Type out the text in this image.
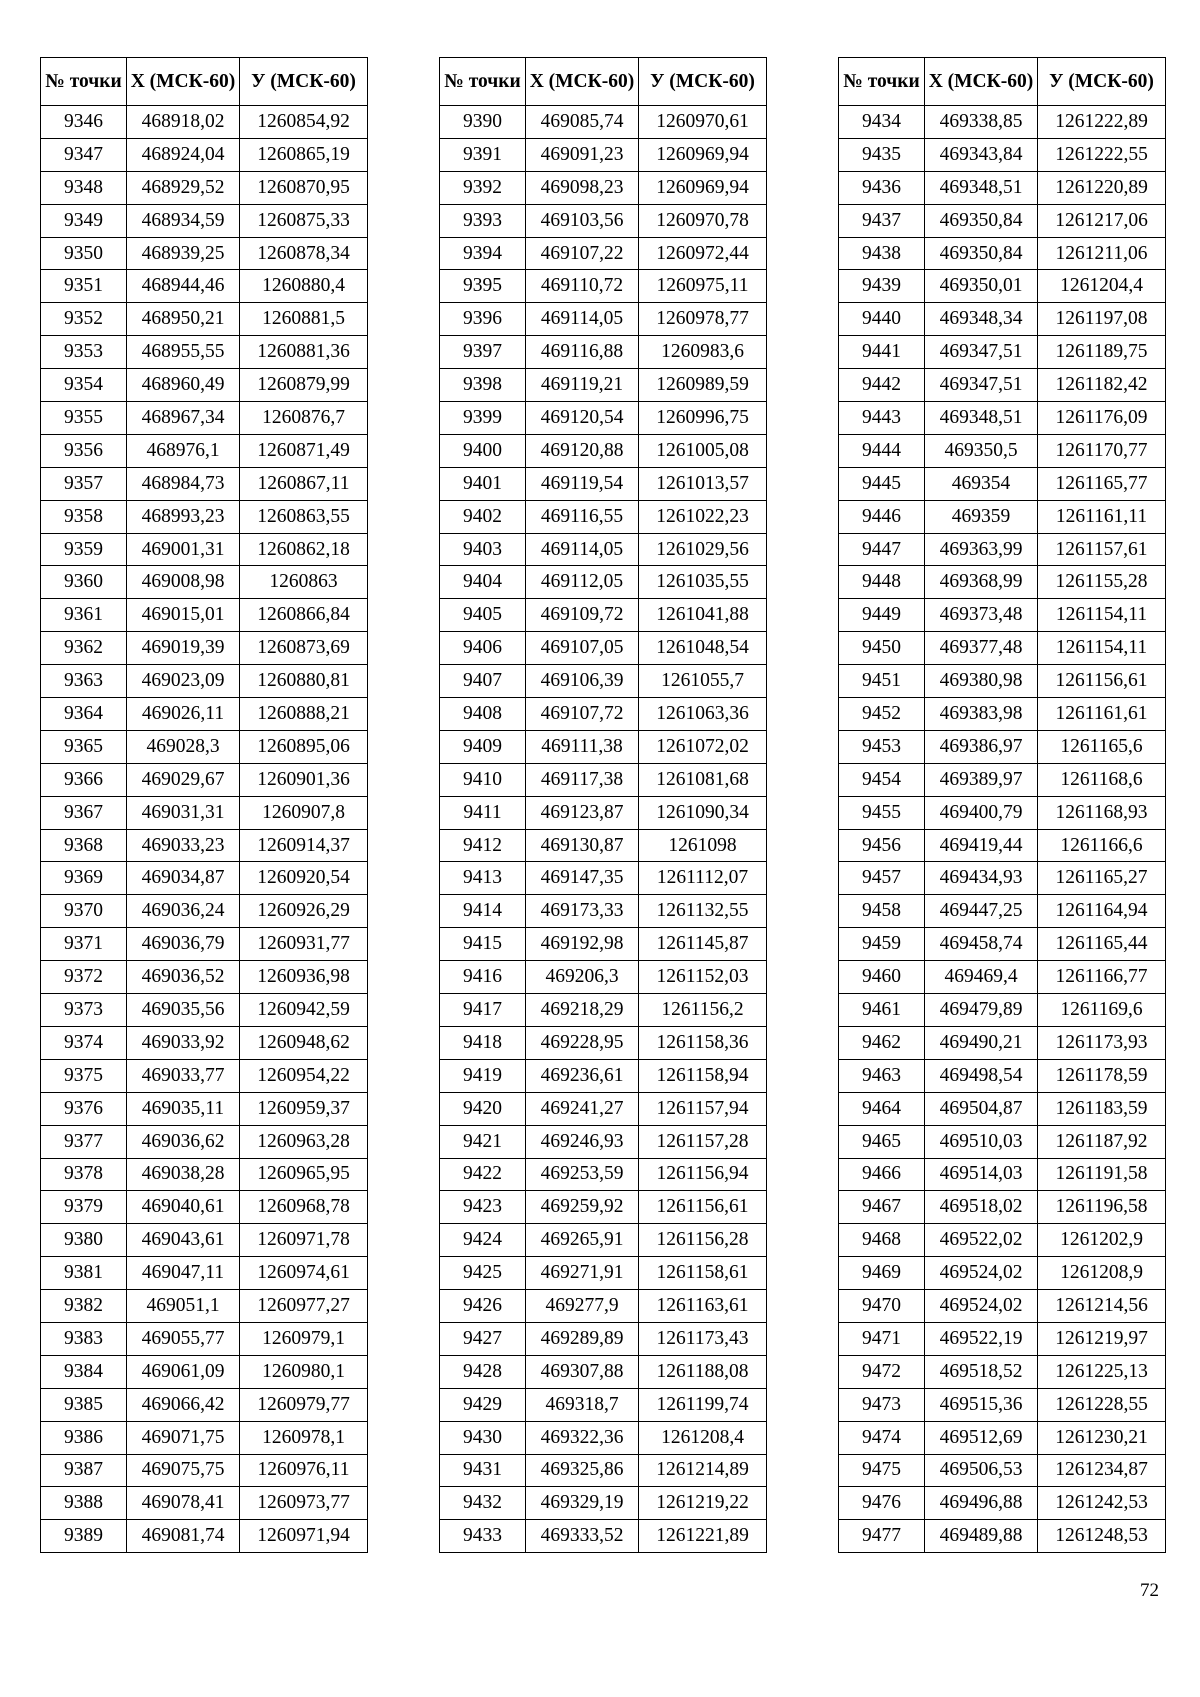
№ точки	X (МСК-60)	У (МСК-60)
9346	468918,02	1260854,92
9347	468924,04	1260865,19
9348	468929,52	1260870,95
9349	468934,59	1260875,33
9350	468939,25	1260878,34
9351	468944,46	1260880,4
9352	468950,21	1260881,5
9353	468955,55	1260881,36
9354	468960,49	1260879,99
9355	468967,34	1260876,7
9356	468976,1	1260871,49
9357	468984,73	1260867,11
9358	468993,23	1260863,55
9359	469001,31	1260862,18
9360	469008,98	1260863
9361	469015,01	1260866,84
9362	469019,39	1260873,69
9363	469023,09	1260880,81
9364	469026,11	1260888,21
9365	469028,3	1260895,06
9366	469029,67	1260901,36
9367	469031,31	1260907,8
9368	469033,23	1260914,37
9369	469034,87	1260920,54
9370	469036,24	1260926,29
9371	469036,79	1260931,77
9372	469036,52	1260936,98
9373	469035,56	1260942,59
9374	469033,92	1260948,62
9375	469033,77	1260954,22
9376	469035,11	1260959,37
9377	469036,62	1260963,28
9378	469038,28	1260965,95
9379	469040,61	1260968,78
9380	469043,61	1260971,78
9381	469047,11	1260974,61
9382	469051,1	1260977,27
9383	469055,77	1260979,1
9384	469061,09	1260980,1
9385	469066,42	1260979,77
9386	469071,75	1260978,1
9387	469075,75	1260976,11
9388	469078,41	1260973,77
9389	469081,74	1260971,94
№ точки	X (МСК-60)	У (МСК-60)
9390	469085,74	1260970,61
9391	469091,23	1260969,94
9392	469098,23	1260969,94
9393	469103,56	1260970,78
9394	469107,22	1260972,44
9395	469110,72	1260975,11
9396	469114,05	1260978,77
9397	469116,88	1260983,6
9398	469119,21	1260989,59
9399	469120,54	1260996,75
9400	469120,88	1261005,08
9401	469119,54	1261013,57
9402	469116,55	1261022,23
9403	469114,05	1261029,56
9404	469112,05	1261035,55
9405	469109,72	1261041,88
9406	469107,05	1261048,54
9407	469106,39	1261055,7
9408	469107,72	1261063,36
9409	469111,38	1261072,02
9410	469117,38	1261081,68
9411	469123,87	1261090,34
9412	469130,87	1261098
9413	469147,35	1261112,07
9414	469173,33	1261132,55
9415	469192,98	1261145,87
9416	469206,3	1261152,03
9417	469218,29	1261156,2
9418	469228,95	1261158,36
9419	469236,61	1261158,94
9420	469241,27	1261157,94
9421	469246,93	1261157,28
9422	469253,59	1261156,94
9423	469259,92	1261156,61
9424	469265,91	1261156,28
9425	469271,91	1261158,61
9426	469277,9	1261163,61
9427	469289,89	1261173,43
9428	469307,88	1261188,08
9429	469318,7	1261199,74
9430	469322,36	1261208,4
9431	469325,86	1261214,89
9432	469329,19	1261219,22
9433	469333,52	1261221,89
№ точки	X (МСК-60)	У (МСК-60)
9434	469338,85	1261222,89
9435	469343,84	1261222,55
9436	469348,51	1261220,89
9437	469350,84	1261217,06
9438	469350,84	1261211,06
9439	469350,01	1261204,4
9440	469348,34	1261197,08
9441	469347,51	1261189,75
9442	469347,51	1261182,42
9443	469348,51	1261176,09
9444	469350,5	1261170,77
9445	469354	1261165,77
9446	469359	1261161,11
9447	469363,99	1261157,61
9448	469368,99	1261155,28
9449	469373,48	1261154,11
9450	469377,48	1261154,11
9451	469380,98	1261156,61
9452	469383,98	1261161,61
9453	469386,97	1261165,6
9454	469389,97	1261168,6
9455	469400,79	1261168,93
9456	469419,44	1261166,6
9457	469434,93	1261165,27
9458	469447,25	1261164,94
9459	469458,74	1261165,44
9460	469469,4	1261166,77
9461	469479,89	1261169,6
9462	469490,21	1261173,93
9463	469498,54	1261178,59
9464	469504,87	1261183,59
9465	469510,03	1261187,92
9466	469514,03	1261191,58
9467	469518,02	1261196,58
9468	469522,02	1261202,9
9469	469524,02	1261208,9
9470	469524,02	1261214,56
9471	469522,19	1261219,97
9472	469518,52	1261225,13
9473	469515,36	1261228,55
9474	469512,69	1261230,21
9475	469506,53	1261234,87
9476	469496,88	1261242,53
9477	469489,88	1261248,53
72
